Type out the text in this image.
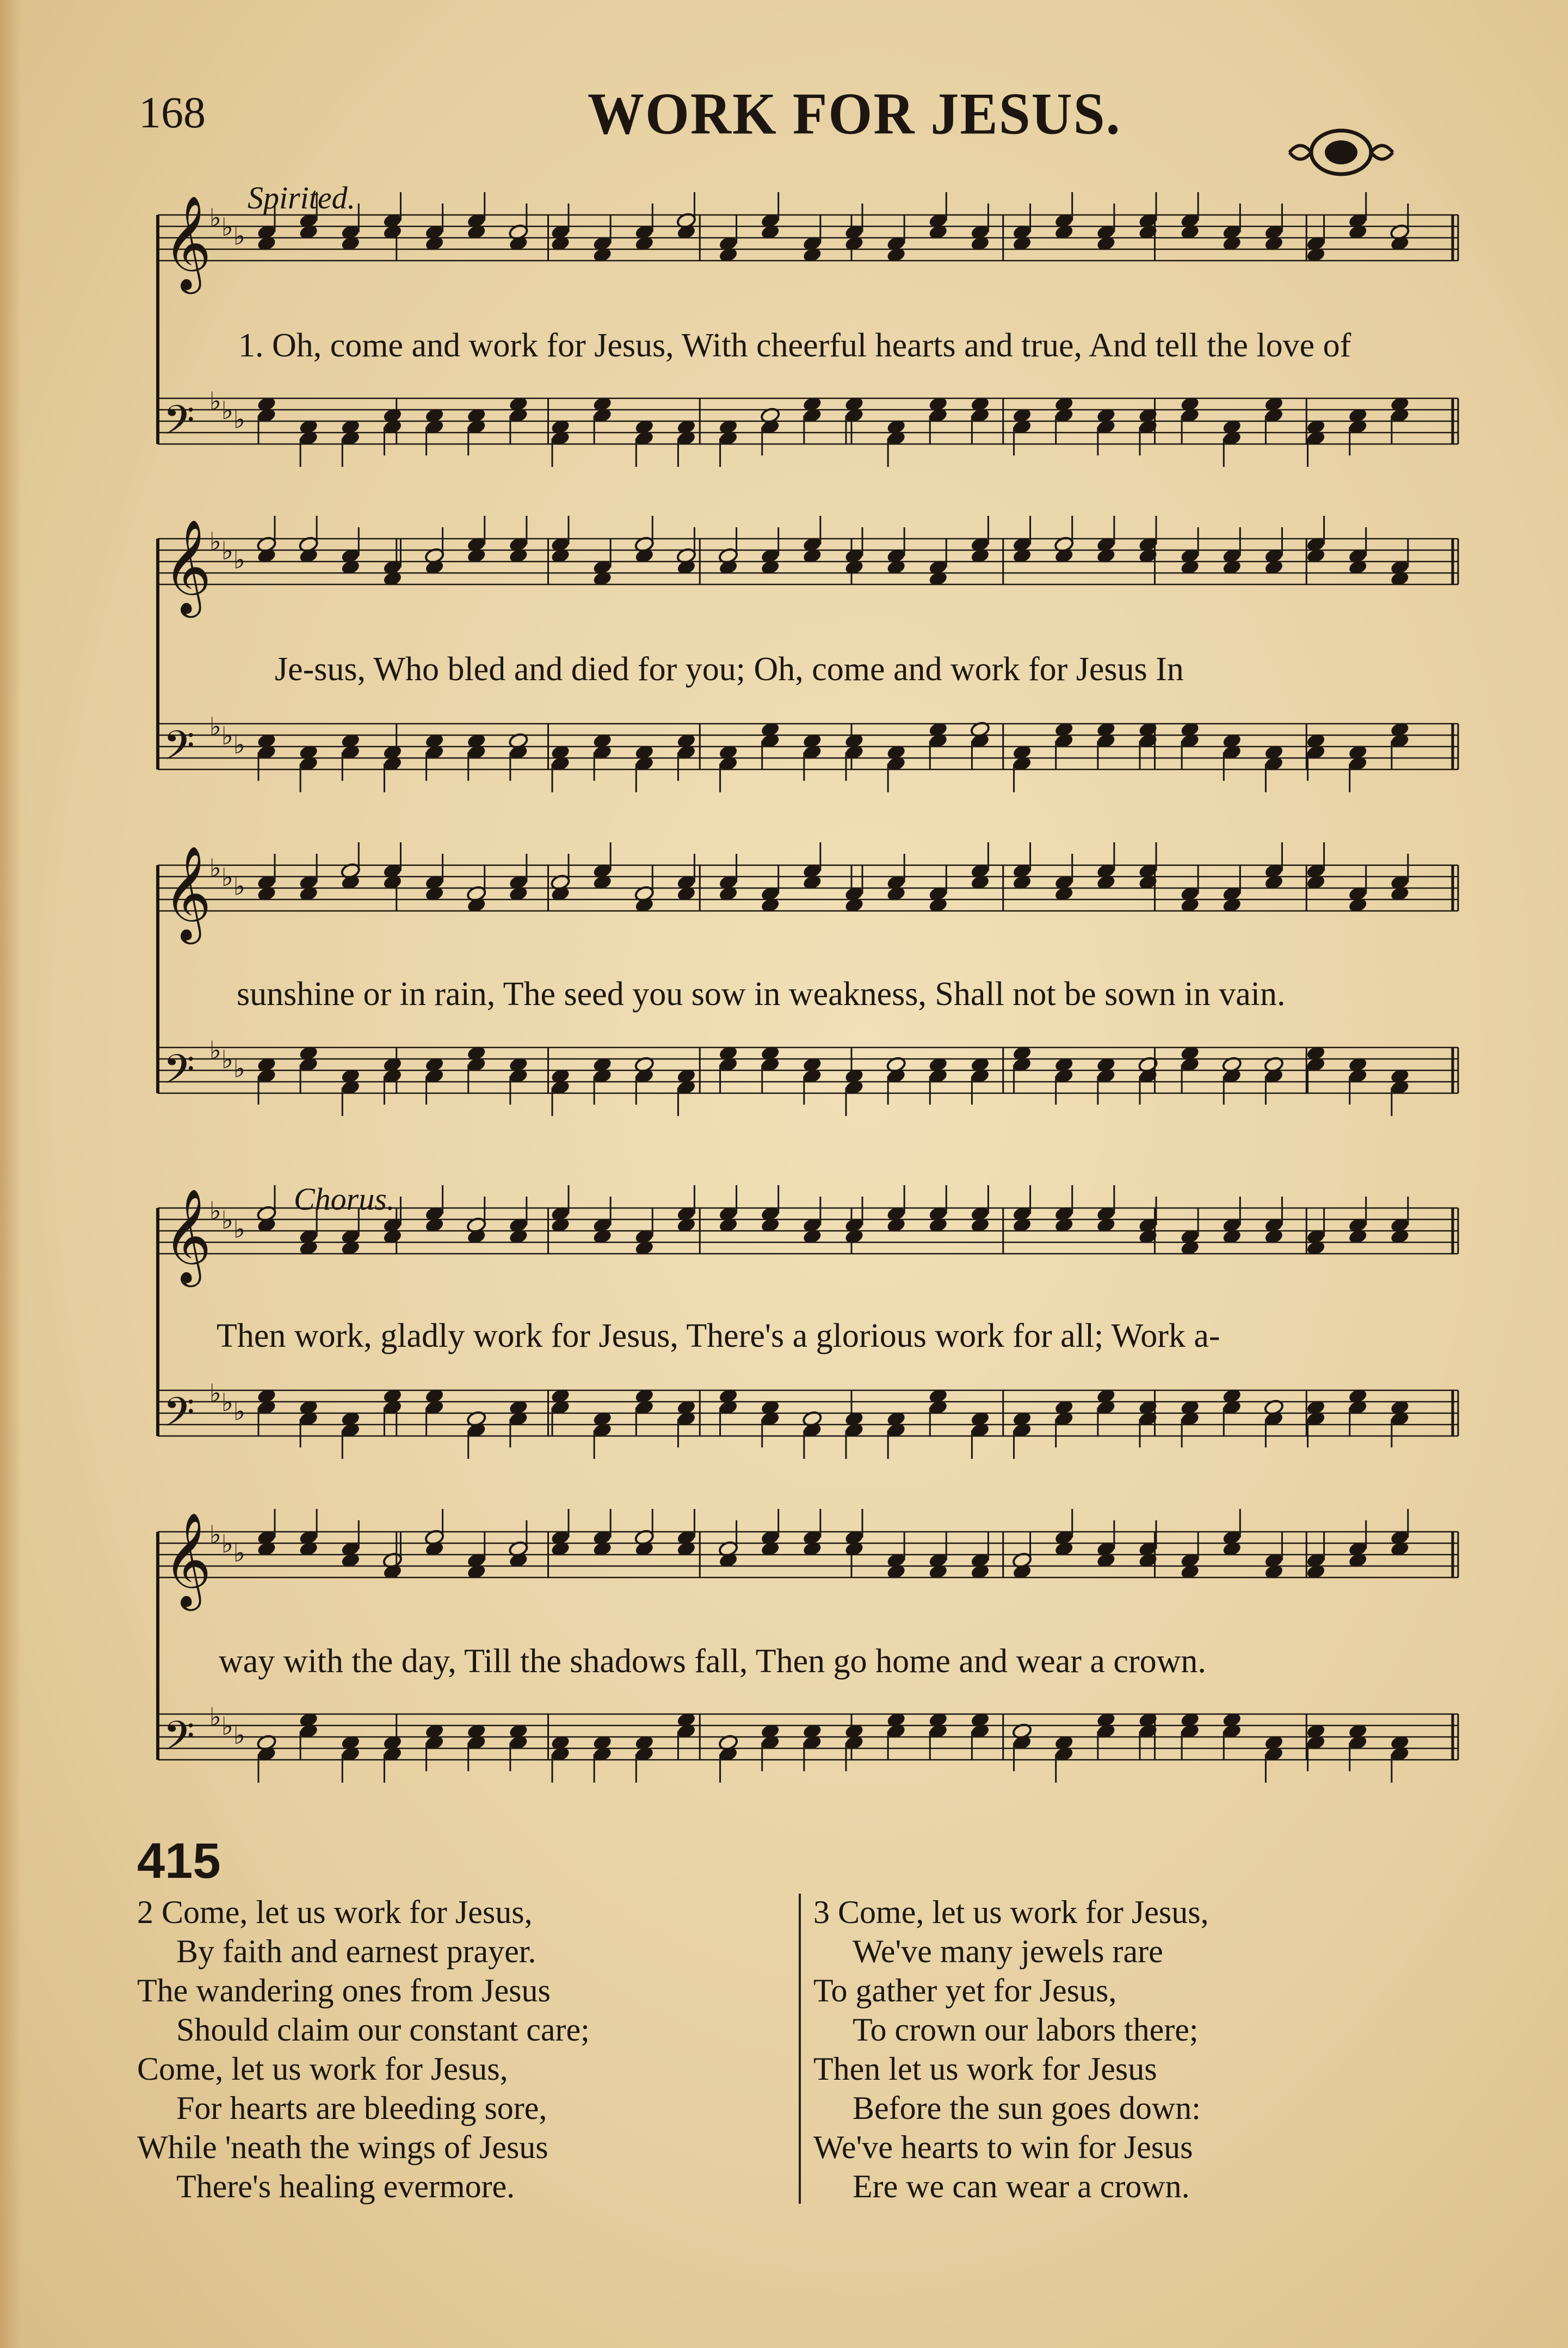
168	WORK FOR JESUS.
𝄞
♭ ♭ ♭
𝄢 ♭ ♭ ♭
𝄞
♭ ♭ ♭
𝄢 ♭ ♭ ♭
𝄞
♭ ♭ ♭
𝄢 ♭ ♭ ♭
𝄞
♭ ♭ ♭
𝄢 ♭ ♭ ♭
𝄞
♭ ♭ ♭
𝄢 ♭ ♭ ♭
Spirited.
Chorus.
1. Oh, come and work for Jesus, With cheerful hearts and true, And tell the love of
Je-sus, Who bled and died for you; Oh, come and work for Jesus In
sunshine or in rain, The seed you sow in weakness, Shall not be sown in vain.
Then work, gladly work for Jesus, There's a glorious work for all; Work a-
way with the day, Till the shadows fall, Then go home and wear a crown.
415
2 Come, let us work for Jesus,
By faith and earnest prayer.
The wandering ones from Jesus
Should claim our constant care;
Come, let us work for Jesus,
For hearts are bleeding sore,
While 'neath the wings of Jesus
There's healing evermore.
3 Come, let us work for Jesus,
We've many jewels rare
To gather yet for Jesus,
To crown our labors there;
Then let us work for Jesus
Before the sun goes down:
We've hearts to win for Jesus
Ere we can wear a crown.
